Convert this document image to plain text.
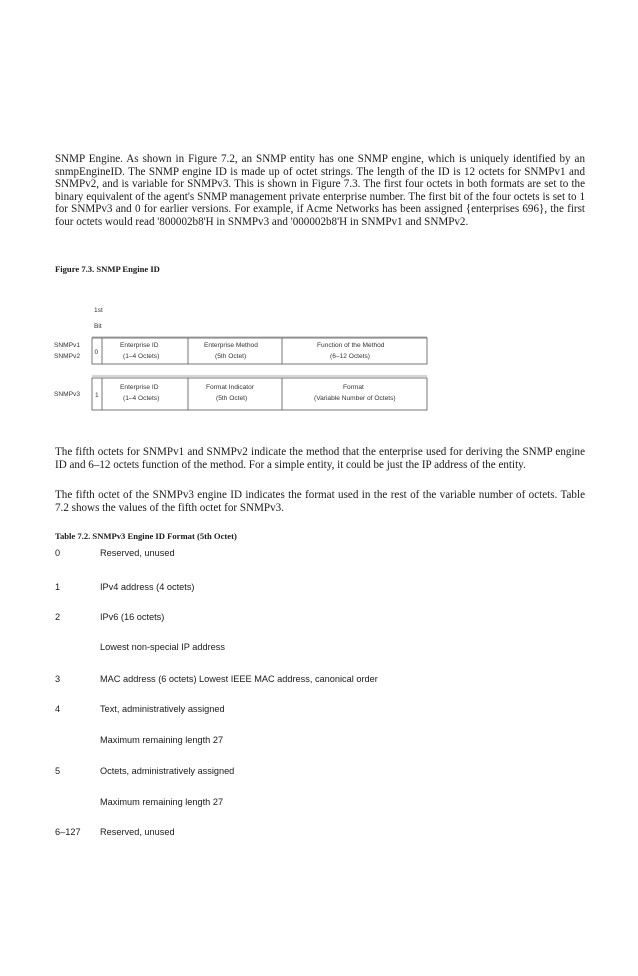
SNMP Engine. As shown in Figure 7.2, an SNMP entity has one SNMP engine, which is uniquely identified by an snmpEngineID. The SNMP engine ID is made up of octet strings. The length of the ID is 12 octets for SNMPv1 and SNMPv2, and is variable for SNMPv3. This is shown in Figure 7.3. The first four octets in both formats are set to the binary equivalent of the agent's SNMP management private enterprise number. The first bit of the four octets is set to 1 for SNMPv3 and 0 for earlier versions. For example, if Acme Networks has been assigned {enterprises 696}, the first four octets would read '800002b8'H in SNMPv3 and '000002b8'H in SNMPv1 and SNMPv2.

Figure 7.3. SNMP Engine ID

1st
Bit
SNMPv1
SNMPv2
0
Enterprise ID
(1–4 Octets)
Enterprise Method
(5th Octet)
Function of the Method
(6–12 Octets)
SNMPv3 1
Enterprise ID
(1–4 Octets)
Format Indicator
(5th Octet)
Format
(Variable Number of Octets)

The fifth octets for SNMPv1 and SNMPv2 indicate the method that the enterprise used for deriving the SNMP engine ID and 6–12 octets function of the method. For a simple entity, it could be just the IP address of the entity.

The fifth octet of the SNMPv3 engine ID indicates the format used in the rest of the variable number of octets. Table 7.2 shows the values of the fifth octet for SNMPv3.

Table 7.2. SNMPv3 Engine ID Format (5th Octet)

0	Reserved, unused
1	IPv4 address (4 octets)
2	IPv6 (16 octets)
Lowest non-special IP address
3	MAC address (6 octets) Lowest IEEE MAC address, canonical order
4	Text, administratively assigned
Maximum remaining length 27
5	Octets, administratively assigned
Maximum remaining length 27
6–127 Reserved, unused
